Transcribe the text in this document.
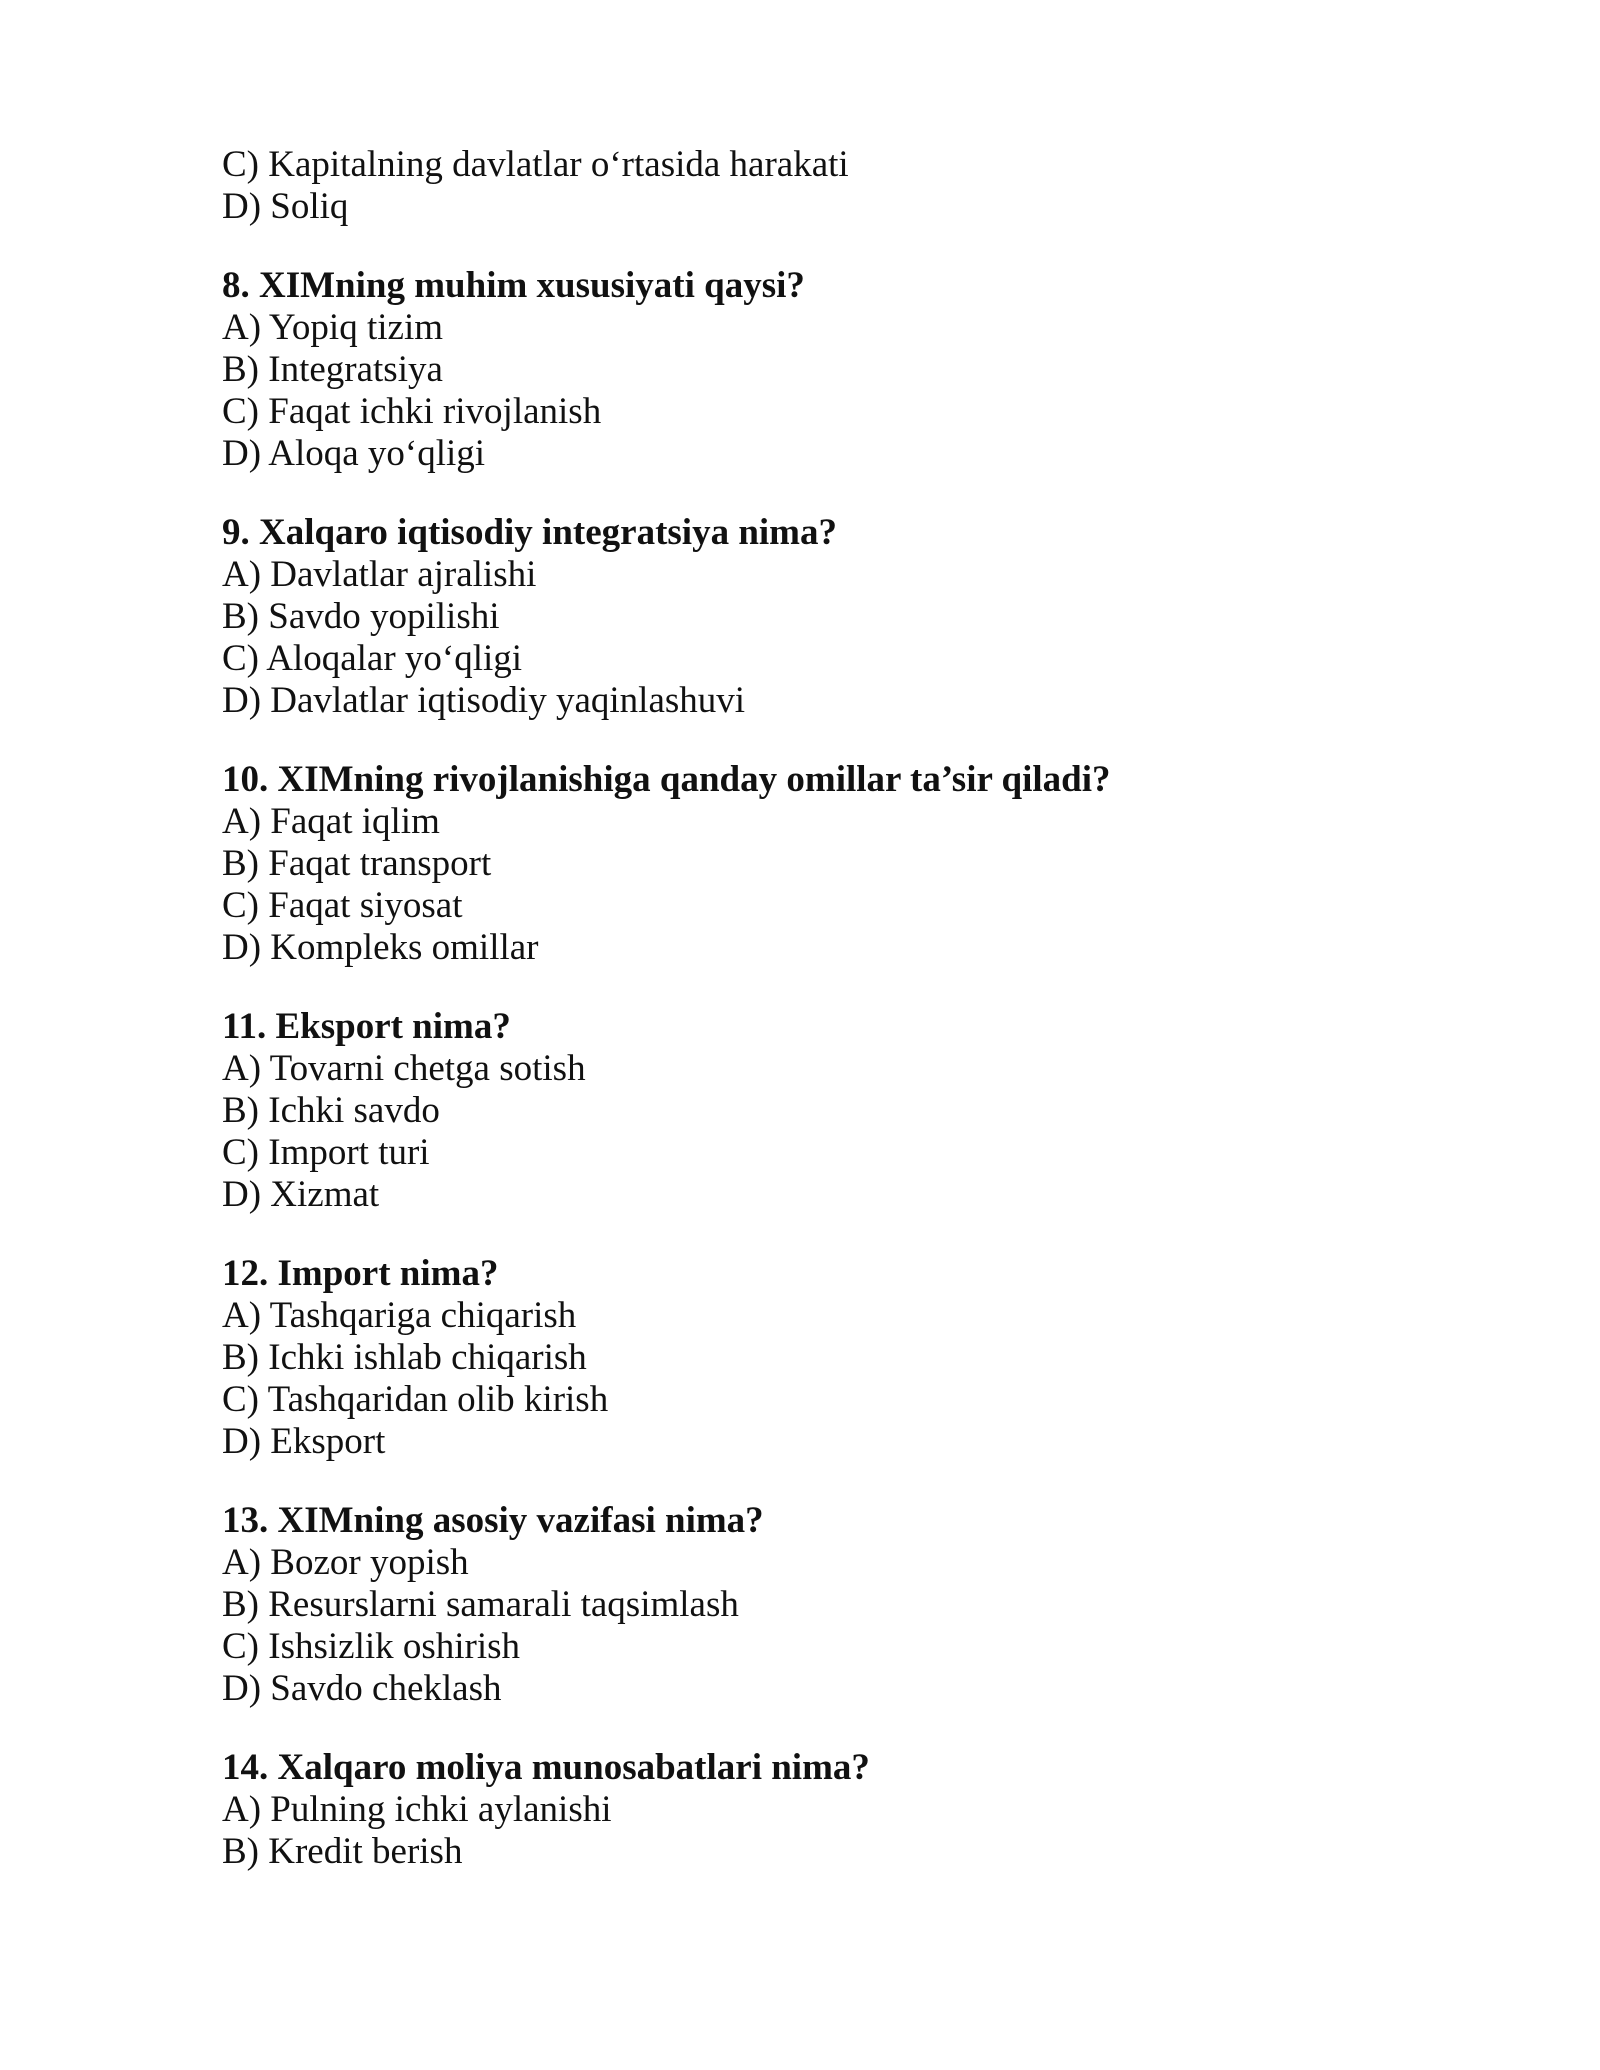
C) Kapitalning davlatlar o‘rtasida harakati
D) Soliq
8. XIMning muhim xususiyati qaysi?
A) Yopiq tizim
B) Integratsiya
C) Faqat ichki rivojlanish
D) Aloqa yo‘qligi
9. Xalqaro iqtisodiy integratsiya nima?
A) Davlatlar ajralishi
B) Savdo yopilishi
C) Aloqalar yo‘qligi
D) Davlatlar iqtisodiy yaqinlashuvi
10. XIMning rivojlanishiga qanday omillar ta’sir qiladi?
A) Faqat iqlim
B) Faqat transport
C) Faqat siyosat
D) Kompleks omillar
11. Eksport nima?
A) Tovarni chetga sotish
B) Ichki savdo
C) Import turi
D) Xizmat
12. Import nima?
A) Tashqariga chiqarish
B) Ichki ishlab chiqarish
C) Tashqaridan olib kirish
D) Eksport
13. XIMning asosiy vazifasi nima?
A) Bozor yopish
B) Resurslarni samarali taqsimlash
C) Ishsizlik oshirish
D) Savdo cheklash
14. Xalqaro moliya munosabatlari nima?
A) Pulning ichki aylanishi
B) Kredit berish
